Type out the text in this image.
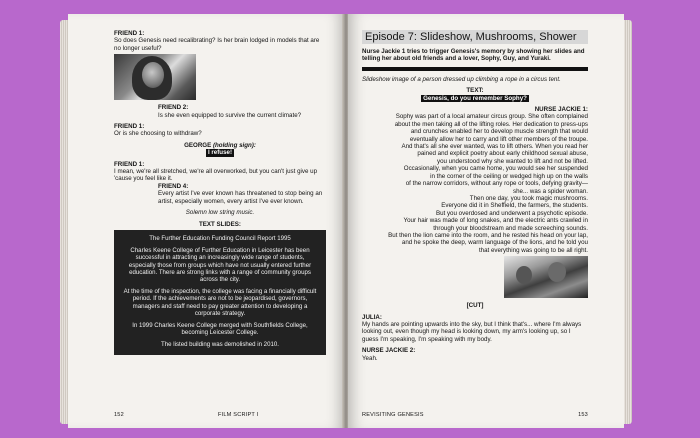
FRIEND 1:

So does Genesis need recalibrating? Is her brain lodged in models that are no longer useful?

FRIEND 2:

Is she even equipped to survive the current climate?

FRIEND 1:

Or is she choosing to withdraw?

GEORGE (holding sign):

I refuse!

FRIEND 1:

I mean, we're all stretched, we're all overworked, but you can't just give up 'cause you feel like it.

FRIEND 4:

Every artist I've ever known has threatened to stop being an artist, especially women, every artist I've ever known.

Solemn low string music.

TEXT SLIDES:

The Further Education Funding Council Report 1995

Charles Keene College of Further Education in Leicester has been successful in attracting an increasingly wide range of students, especially those from groups which have not usually entered further education. There are strong links with a range of community groups across the city.

At the time of the inspection, the college was facing a financially difficult period. If the achievements are not to be jeopardised, governors, managers and staff need to pay greater attention to developing a corporate strategy.

In 1999 Charles Keene College merged with Southfields College, becoming Leicester College.

The listed building was demolished in 2010.

152	FILM SCRIPT I
Episode 7: Slideshow, Mushrooms, Shower

Nurse Jackie 1 tries to trigger Genesis's memory by showing her slides and telling her about old friends and a lover, Sophy, Guy, and Yuraki.

Slideshow image of a person dressed up climbing a rope in a circus tent.

TEXT:

Genesis, do you remember Sophy?

NURSE JACKIE 1:

Sophy was part of a local amateur circus group. She often complained

about the men taking all of the lifting roles. Her dedication to press-ups

and crunches enabled her to develop muscle strength that would

eventually allow her to carry and lift other members of the troupe.

And that's all she ever wanted, was to lift others. When you read her

pained and explicit poetry about early childhood sexual abuse,

you understood why she wanted to lift and not be lifted.

Occasionally, when you came home, you would see her suspended

in the corner of the ceiling or wedged high up on the walls

of the narrow corridors, without any rope or tools, defying gravity—

she... was a spider woman.

Then one day, you took magic mushrooms.

Everyone did it in Sheffield, the farmers, the students.

But you overdosed and underwent a psychotic episode.

Your hair was made of long snakes, and the electric ants crawled in

through your bloodstream and made screeching sounds.

But then the lion came into the room, and he rested his head on your lap,

and he spoke the deep, warm language of the lions, and he told you

that everything was going to be all right.

[CUT]

JULIA:

My hands are pointing upwards into the sky, but I think that's... where I'm always looking out, even though my head is looking down, my arm's looking up, so I guess I'm speaking, I'm speaking with my body.

NURSE JACKIE 2:

Yeah.

REVISITING GENESIS	153
